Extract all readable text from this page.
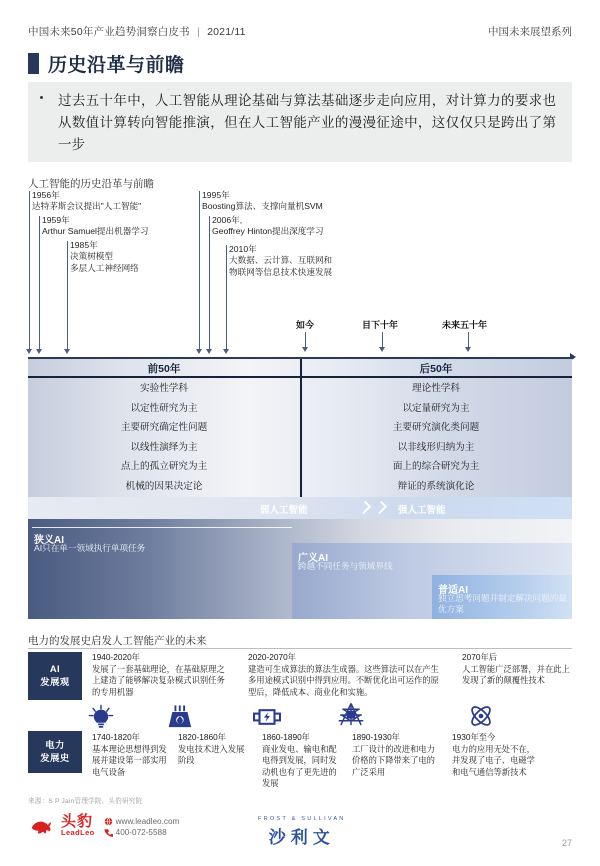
中国未来50年产业趋势洞察白皮书 | 2021/11	中国未来展望系列
历史沿革与前瞻
过去五十年中，人工智能从理论基础与算法基础逐步走向应用，对计算力的要求也从数值计算转向智能推演，但在人工智能产业的漫漫征途中，这仅仅只是跨出了第一步
人工智能的历史沿革与前瞻
1956年
达特茅斯会议提出"人工智能"
1959年
Arthur Samuel提出机器学习
1985年
决策树模型
多层人工神经网络
1995年
Boosting算法、支撑向量机SVM
2006年,
Geoffrey Hinton提出深度学习
2010年
大数据、云计算、互联网和
物联网等信息技术快速发展
如今	目下十年	未来五十年
前50年	后50年
实验性学科	理论性学科
以定性研究为主	以定量研究为主
主要研究确定性问题	主要研究演化类问题
以线性演绎为主	以非线形归纳为主
点上的孤立研究为主	面上的综合研究为主
机械的因果决定论	辩证的系统演化论
弱人工智能	强人工智能
狭义AI
AI只在单一领域执行单项任务
广义AI
跨越不同任务与领域界线
普适AI
独立思考问题并制定解决问题的最优方案
电力的发展史启发人工智能产业的未来
AI
发展观
1940-2020年
发展了一套基础理论，在基础原理之上建造了能够解决复杂模式识别任务的专用机器
2020-2070年
建造可生成算法的算法生成器。这些算法可以在产生多用途模式识别中得到应用。不断优化出可运作的原型后，降低成本、商业化和实施。
2070年后
人工智能广泛部署，并在此上发现了新的颠覆性技术
电力
发展史
1740-1820年
基本理论思想得到发展并建设第一部实用电气设备
1820-1860年
发电技术进入发展阶段
1860-1890年
商业发电、输电和配电得到发展，同时发动机也有了更先进的发展
1890-1930年
工厂设计的改进和电力价格的下降带来了电的广泛采用
1930年至今
电力的应用无处不在，并发现了电子、电磁学和电气通信等新技术
来源：S P Jain管理学院、头豹研究院
头豹
LeadLeo
www.leadleo.com
400-072-5588
FROST & SULLIVAN
沙利文	27
